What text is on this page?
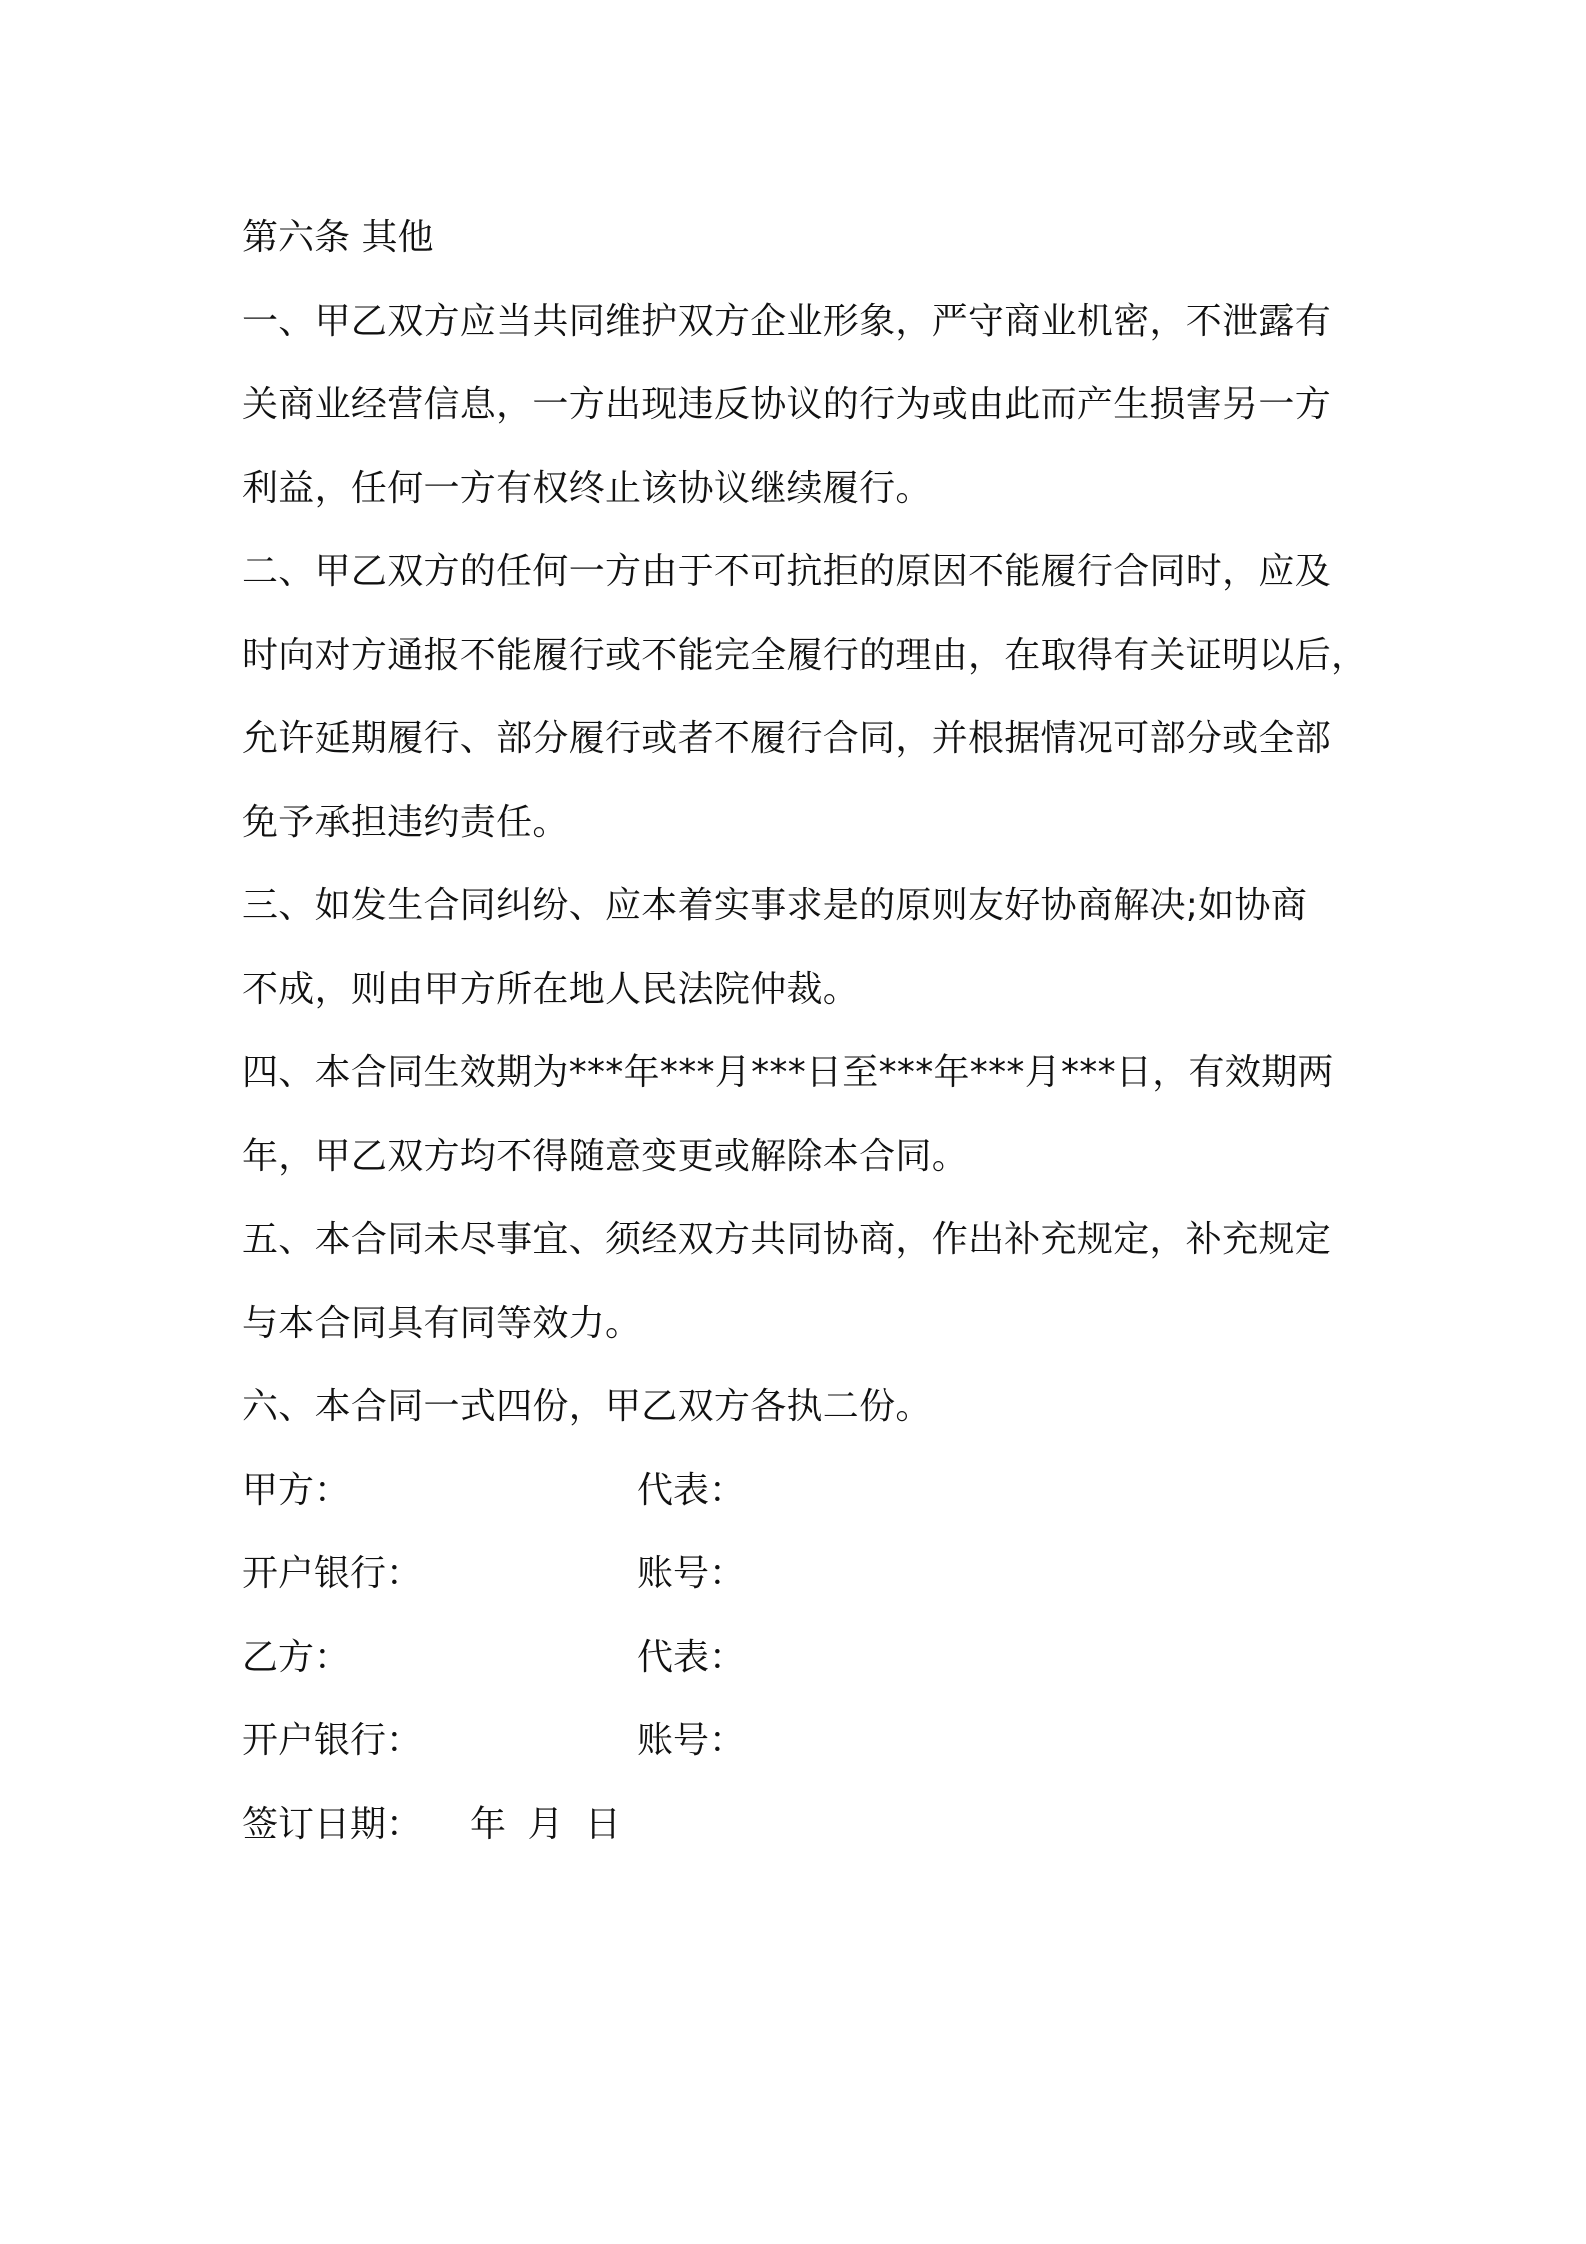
第六条 其他
一、甲乙双方应当共同维护双方企业形象，严守商业机密，不泄露有
关商业经营信息，一方出现违反协议的行为或由此而产生损害另一方
利益，任何一方有权终止该协议继续履行。
二、甲乙双方的任何一方由于不可抗拒的原因不能履行合同时，应及
时向对方通报不能履行或不能完全履行的理由，在取得有关证明以后，
允许延期履行、部分履行或者不履行合同，并根据情况可部分或全部
免予承担违约责任。
三、如发生合同纠纷、应本着实事求是的原则友好协商解决;如协商
不成，则由甲方所在地人民法院仲裁。
四、本合同生效期为***年***月***日至***年***月***日，有效期两
年，甲乙双方均不得随意变更或解除本合同。
五、本合同未尽事宜、须经双方共同协商，作出补充规定，补充规定
与本合同具有同等效力。
六、本合同一式四份，甲乙双方各执二份。
甲方：	代表：
开户银行：	账号：
乙方：	代表：
开户银行：	账号：
签订日期： 年 月 日
